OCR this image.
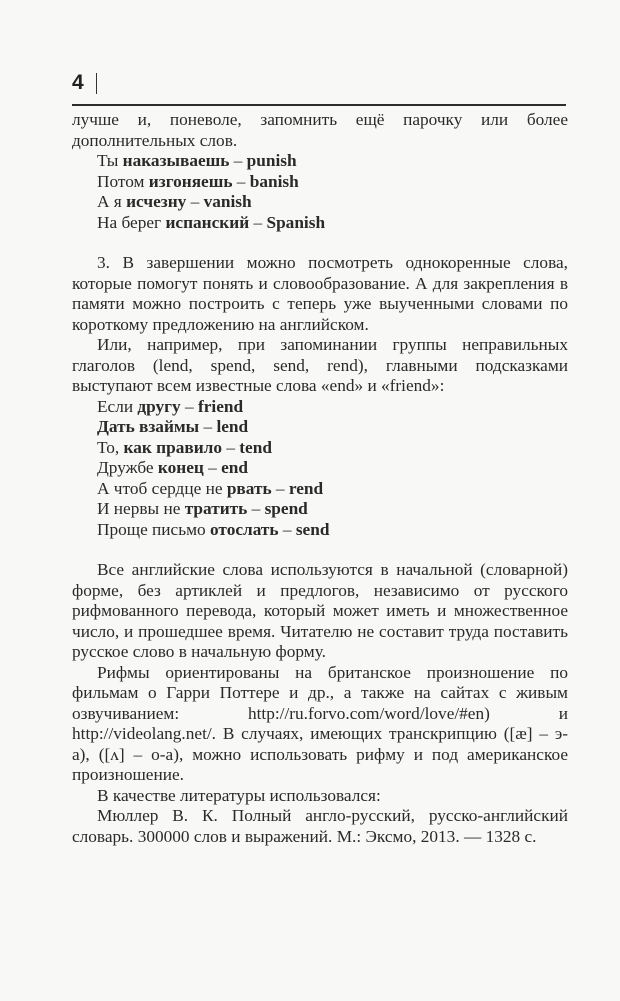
4

лучше и, поневоле, запомнить ещё парочку или более дополнительных слов.

Ты наказываешь – punish
Потом изгоняешь – banish
А я исчезну – vanish
На берег испанский – Spanish

3. В завершении можно посмотреть однокоренные слова, которые помогут понять и словообразование. А для закрепления в памяти можно построить с теперь уже выученными словами по короткому предложению на английском.

Или, например, при запоминании группы неправильных глаголов (lend, spend, send, rend), главными подсказками выступают всем известные слова «end» и «friend»:

Если другу – friend
Дать взаймы – lend
То, как правило – tend
Дружбе конец – end
А чтоб сердце не рвать – rend
И нервы не тратить – spend
Проще письмо отослать – send

Все английские слова используются в начальной (словарной) форме, без артиклей и предлогов, независимо от русского рифмованного перевода, который может иметь и множественное число, и прошедшее время. Читателю не составит труда поставить русское слово в начальную форму.

Рифмы ориентированы на британское произношение по фильмам о Гарри Поттере и др., а также на сайтах с живым озвучиванием: http://ru.forvo.com/word/love/#en) и http://videolang.net/. В случаях, имеющих транскрипцию ([æ] – э-а), ([ʌ] – о-а), можно использовать рифму и под американское произношение.

В качестве литературы использовался:

Мюллер В. К. Полный англо-русский, русско-английский словарь. 300000 слов и выражений. М.: Эксмо, 2013. — 1328 с.
